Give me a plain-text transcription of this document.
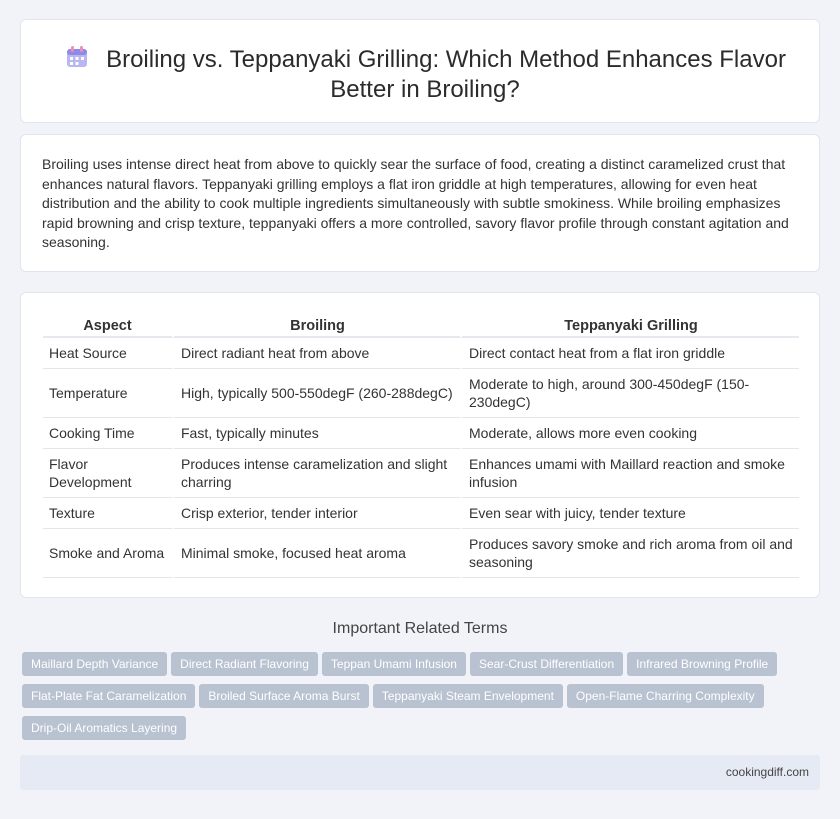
Broiling vs. Teppanyaki Grilling: Which Method Enhances Flavor Better in Broiling?

Broiling uses intense direct heat from above to quickly sear the surface of food, creating a distinct caramelized crust that enhances natural flavors. Teppanyaki grilling employs a flat iron griddle at high temperatures, allowing for even heat distribution and the ability to cook multiple ingredients simultaneously with subtle smokiness. While broiling emphasizes rapid browning and crisp texture, teppanyaki offers a more controlled, savory flavor profile through constant agitation and seasoning.

Aspect	Broiling	Teppanyaki Grilling
Heat Source	Direct radiant heat from above	Direct contact heat from a flat iron griddle
Temperature	High, typically 500-550degF (260-288degC)	Moderate to high, around 300-450degF (150-230degC)
Cooking Time	Fast, typically minutes	Moderate, allows more even cooking
Flavor Development	Produces intense caramelization and slight charring	Enhances umami with Maillard reaction and smoke infusion
Texture	Crisp exterior, tender interior	Even sear with juicy, tender texture
Smoke and Aroma	Minimal smoke, focused heat aroma	Produces savory smoke and rich aroma from oil and seasoning
Important Related Terms
Maillard Depth Variance Direct Radiant Flavoring Teppan Umami Infusion Sear-Crust Differentiation Infrared Browning Profile
Flat-Plate Fat Caramelization Broiled Surface Aroma Burst Teppanyaki Steam Envelopment Open-Flame Charring Complexity
Drip-Oil Aromatics Layering
cookingdiff.com
